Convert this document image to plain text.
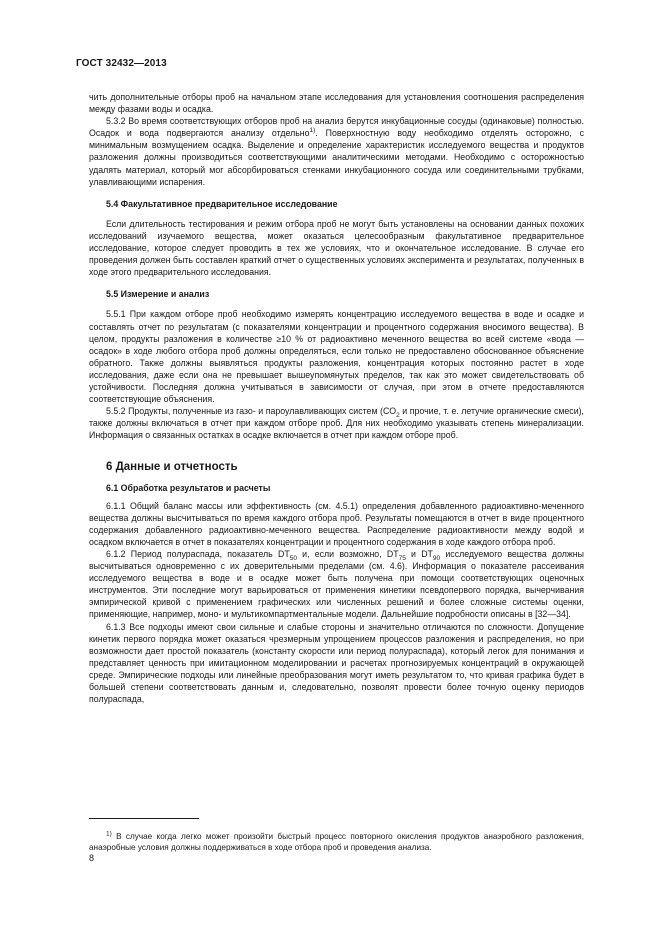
ГОСТ 32432—2013

чить дополнительные отборы проб на начальном этапе исследования для установления соотношения распределения между фазами воды и осадка.

5.3.2 Во время соответствующих отборов проб на анализ берутся инкубационные сосуды (одинаковые) полностью. Осадок и вода подвергаются анализу отдельно$^{1)}$. Поверхностную воду необходимо отделять осторожно, с минимальным возмущением осадка. Выделение и определение характеристик исследуемого вещества и продуктов разложения должны производиться соответствующими аналитическими методами. Необходимо с осторожностью удалять материал, который мог абсорбироваться стенками инкубационного сосуда или соединительными трубками, улавливающими испарения.

5.4 Факультативное предварительное исследование

Если длительность тестирования и режим отбора проб не могут быть установлены на основании данных похожих исследований изучаемого вещества, может оказаться целесообразным факультативное предварительное исследование, которое следует проводить в тех же условиях, что и окончательное исследование. В случае его проведения должен быть составлен краткий отчет о существенных условиях эксперимента и результатах, полученных в ходе этого предварительного исследования.

5.5 Измерение и анализ

5.5.1 При каждом отборе проб необходимо измерять концентрацию исследуемого вещества в воде и осадке и составлять отчет по результатам (с показателями концентрации и процентного содержания вносимого вещества). В целом, продукты разложения в количестве ≥10 % от радиоактивно меченного вещества во всей системе «вода — осадок» в ходе любого отбора проб должны определяться, если только не предоставлено обоснованное объяснение обратного. Также должны выявляться продукты разложения, концентрация которых постоянно растет в ходе исследования, даже если она не превышает вышеупомянутых пределов, так как это может свидетельствовать об устойчивости. Последняя должна учитываться в зависимости от случая, при этом в отчете предоставляются соответствующие объяснения.

5.5.2 Продукты, полученные из газо- и пароулавливающих систем ($CO_2$ и прочие, т. е. летучие органические смеси), также должны включаться в отчет при каждом отборе проб. Для них необходимо указывать степень минерализации. Информация о связанных остатках в осадке включается в отчет при каждом отборе проб.

6 Данные и отчетность

6.1 Обработка результатов и расчеты

6.1.1 Общий баланс массы или эффективность (см. 4.5.1) определения добавленного радиоактивно-меченного вещества должны высчитываться по время каждого отбора проб. Результаты помещаются в отчет в виде процентного содержания добавленного радиоактивно-меченного вещества. Распределение радиоактивности между водой и осадком включается в отчет в показателях концентрации и процентного содержания в ходе каждого отбора проб.

6.1.2 Период полураспада, показатель $DT_{50}$ и, если возможно, $DT_{75}$ и $DT_{90}$ исследуемого вещества должны высчитываться одновременно с их доверительными пределами (см. 4.6). Информация о показателе рассеивания исследуемого вещества в воде и в осадке может быть получена при помощи соответствующих оценочных инструментов. Эти последние могут варьироваться от применения кинетики псевдопервого порядка, вычерчивания эмпирической кривой с применением графических или численных решений и более сложные системы оценки, применяющие, например, моно- и мультикомпартментальные модели. Дальнейшие подробности описаны в [32—34].

6.1.3 Все подходы имеют свои сильные и слабые стороны и значительно отличаются по сложности. Допущение кинетик первого порядка может оказаться чрезмерным упрощением процессов разложения и распределения, но при возможности дает простой показатель (константу скорости или период полураспада), который легок для понимания и представляет ценность при имитационном моделировании и расчетах прогнозируемых концентраций в окружающей среде. Эмпирические подходы или линейные преобразования могут иметь результатом то, что кривая графика будет в большей степени соответствовать данным и, следовательно, позволят провести более точную оценку периодов полураспада,

$^{1)}$ В случае когда легко может произойти быстрый процесс повторного окисления продуктов анаэробного разложения, анаэробные условия должны поддерживаться в ходе отбора проб и проведения анализа.

8
